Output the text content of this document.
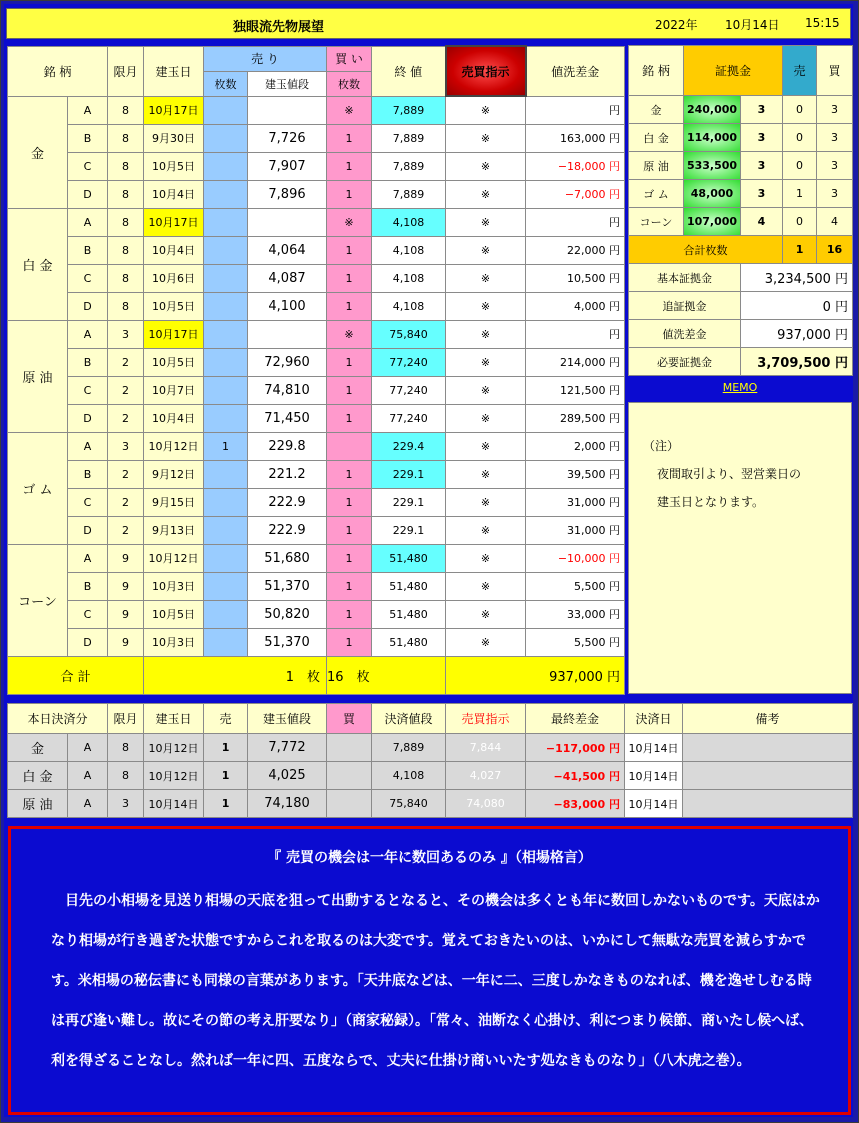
独眼流先物展望	2022年 10月14日 15:15
銘 柄		限月	建玉日	売 り		買 い	終 値	売買指示	値洗差金
				枚数	建玉値段	枚数			
金	A	8	10月17日			※	7,889	※	円
	B	8	9月30日		7,726	1	7,889	※	163,000 円
	C	8	10月5日		7,907	1	7,889	※	−18,000 円
	D	8	10月4日		7,896	1	7,889	※	−7,000 円
白 金	A	8	10月17日			※	4,108	※	円
	B	8	10月4日		4,064	1	4,108	※	22,000 円
	C	8	10月6日		4,087	1	4,108	※	10,500 円
	D	8	10月5日		4,100	1	4,108	※	4,000 円
原 油	A	3	10月17日			※	75,840	※	円
	B	2	10月5日		72,960	1	77,240	※	214,000 円
	C	2	10月7日		74,810	1	77,240	※	121,500 円
	D	2	10月4日		71,450	1	77,240	※	289,500 円
ゴ ム	A	3	10月12日	1	229.8		229.4	※	2,000 円
	B	2	9月12日		221.2	1	229.1	※	39,500 円
	C	2	9月15日		222.9	1	229.1	※	31,000 円
	D	2	9月13日		222.9	1	229.1	※	31,000 円
コーン	A	9	10月12日		51,680	1	51,480	※	−10,000 円
	B	9	10月3日		51,370	1	51,480	※	5,500 円
	C	9	10月5日		50,820	1	51,480	※	33,000 円
	D	9	10月3日		51,370	1	51,480	※	5,500 円
合 計			1　 枚			16　 枚		937,000 円	
銘 柄	証拠金		売	買
金	240,000	3	0	3
白 金	114,000	3	0	3
原 油	533,500	3	0	3
ゴ ム	48,000	3	1	3
コーン	107,000	4	0	4
合計枚数			1	16
基本証拠金		3,234,500 円		
追証拠金		0 円		
値洗差金		937,000 円		
必要証拠金		3,709,500 円		
MEMO
（注）
夜間取引より、翌営業日の
建玉日となります。
本日決済分		限月	建玉日	売	建玉値段	買	決済値段	売買指示	最終差金	決済日	備考
金	A	8	10月12日	1	7,772		7,889	7,844	−117,000 円	10月14日	
白 金	A	8	10月12日	1	4,025		4,108	4,027	−41,500 円	10月14日	
原 油	A	3	10月14日	1	74,180		75,840	74,080	−83,000 円	10月14日	
『 売買の機会は一年に数回あるのみ 』（相場格言）
　目先の小相場を見送り相場の天底を狙って出動するとなると、その機会は多くとも年に数回しかないものです。天底はかなり相場が行き過ぎた状態ですからこれを取るのは大変です。覚えておきたいのは、いかにして無駄な売買を減らすかです。米相場の秘伝書にも同様の言葉があります。「天井底などは、一年に二、三度しかなきものなれば、機を逸せしむる時は再び逢い難し。故にその節の考え肝要なり」（商家秘録）。「常々、油断なく心掛け、利につまり候節、商いたし候へば、利を得ざることなし。然れば一年に四、五度ならで、丈夫に仕掛け商いいたす処なきものなり」（八木虎之巻）。
